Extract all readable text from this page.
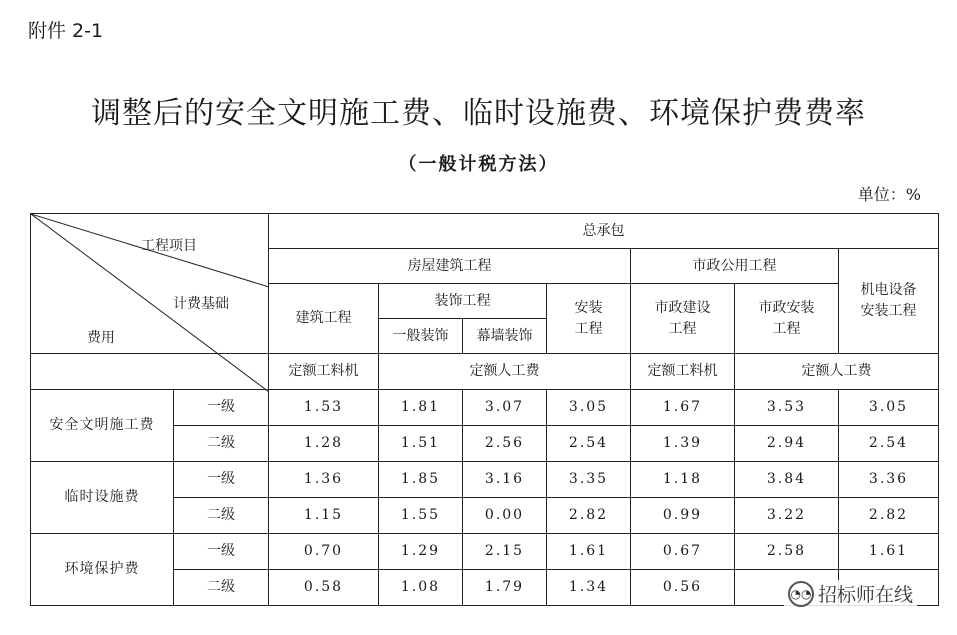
附件 2-1
调整后的安全文明施工费、临时设施费、环境保护费费率
（一般计税方法）
单位：%
工程项目
计费基础
费用		总承包						
		房屋建筑工程				市政公用工程		机电设备安装工程
		建筑工程	装饰工程		安装工程	市政建设工程	市政安装工程	
			一般装饰	幕墙装饰				
		定额工料机	定额人工费			定额工料机	定额人工费	
安全文明施工费	一级	1.53	1.81	3.07	3.05	1.67	3.53	3.05
	二级	1.28	1.51	2.56	2.54	1.39	2.94	2.54
临时设施费	一级	1.36	1.85	3.16	3.35	1.18	3.84	3.36
	二级	1.15	1.55	0.00	2.82	0.99	3.22	2.82
环境保护费	一级	0.70	1.29	2.15	1.61	0.67	2.58	1.61
	二级	0.58	1.08	1.79	1.34	0.56			◔◔ 招标师在线
